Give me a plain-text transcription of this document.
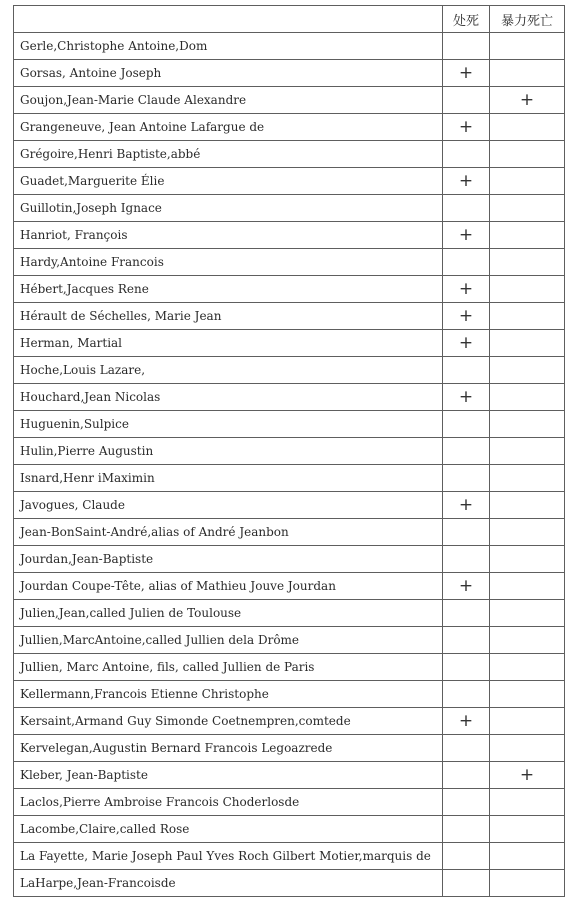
	处死	暴力死亡
Gerle,Christophe Antoine,Dom		
Gorsas, Antoine Joseph	+	
Goujon,Jean-Marie Claude Alexandre		+
Grangeneuve, Jean Antoine Lafargue de	+	
Grégoire,Henri Baptiste,abbé		
Guadet,Marguerite Élie	+	
Guillotin,Joseph Ignace		
Hanriot, François	+	
Hardy,Antoine Francois		
Hébert,Jacques Rene	+	
Hérault de Séchelles, Marie Jean	+	
Herman, Martial	+	
Hoche,Louis Lazare,		
Houchard,Jean Nicolas	+	
Huguenin,Sulpice		
Hulin,Pierre Augustin		
Isnard,Henr iMaximin		
Javogues, Claude	+	
Jean-BonSaint-André,alias of André Jeanbon		
Jourdan,Jean-Baptiste		
Jourdan Coupe-Tête, alias of Mathieu Jouve Jourdan	+	
Julien,Jean,called Julien de Toulouse		
Jullien,MarcAntoine,called Jullien dela Drôme		
Jullien, Marc Antoine, fils, called Jullien de Paris		
Kellermann,Francois Etienne Christophe		
Kersaint,Armand Guy Simonde Coetnempren,comtede	+	
Kervelegan,Augustin Bernard Francois Legoazrede		
Kleber, Jean-Baptiste		+
Laclos,Pierre Ambroise Francois Choderlosde		
Lacombe,Claire,called Rose		
La Fayette, Marie Joseph Paul Yves Roch Gilbert Motier,marquis de		
LaHarpe,Jean-Francoisde		
